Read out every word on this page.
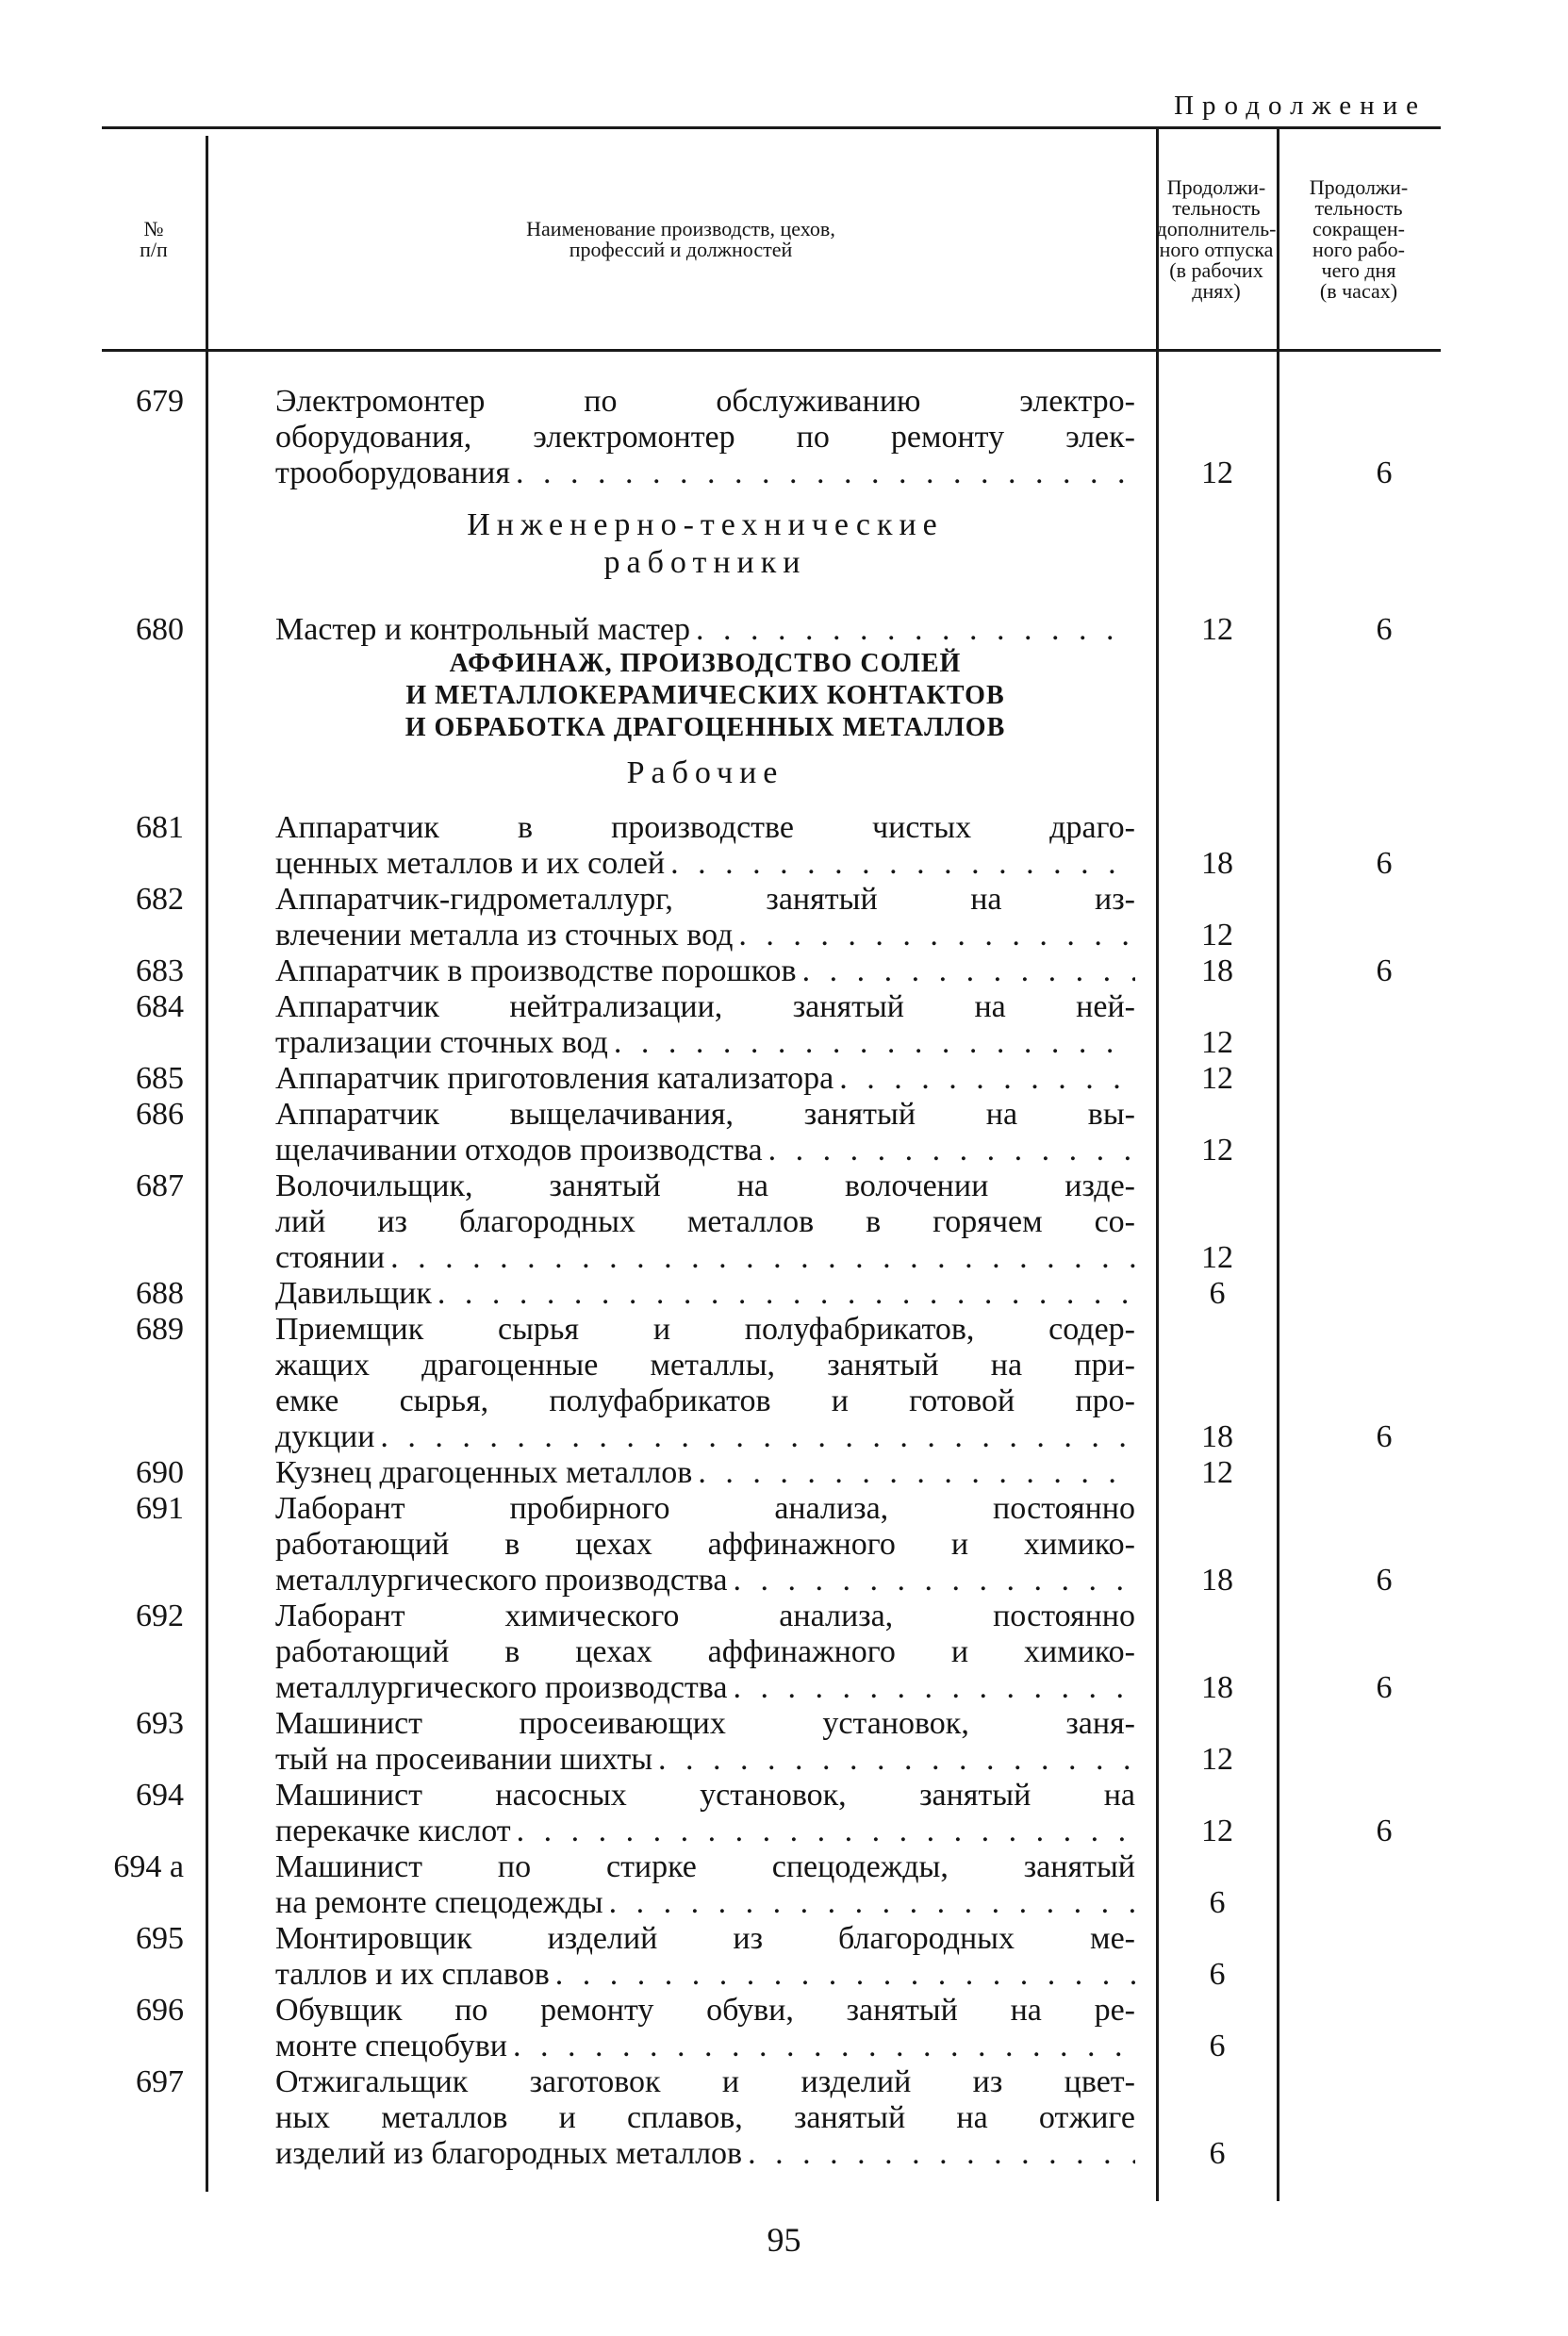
Продолжение
№
п/п
Наименование производств, цехов,
профессий и должностей
Продолжи-
тельность
дополнитель-
ного отпуска
(в рабочих
днях)
Продолжи-
тельность
сокращен-
ного рабо-
чего дня
(в часах)
Инженерно-технические
работники
АФФИНАЖ, ПРОИЗВОДСТВО СОЛЕЙ
И МЕТАЛЛОКЕРАМИЧЕСКИХ КОНТАКТОВ
И ОБРАБОТКА ДРАГОЦЕННЫХ МЕТАЛЛОВ
Рабочие
679	Электромонтер по обслуживанию электро-
оборудования, электромонтер по ремонту элек-
трооборудования . . .	12	6
680	Мастер и контрольный мастер . . .	12	6
681	Аппаратчик в производстве чистых драго-
ценных металлов и их солей . . .	18	6
682	Аппаратчик-гидрометаллург, занятый на из-
влечении металла из сточных вод . . .	12
683	Аппаратчик в производстве порошков . . .	18	6
684	Аппаратчик нейтрализации, занятый на ней-
трализации сточных вод . . .	12
685	Аппаратчик приготовления катализатора . . .	12
686	Аппаратчик выщелачивания, занятый на вы-
щелачивании отходов производства . . .	12
687	Волочильщик, занятый на волочении изде-
лий из благородных металлов в горячем со-
стоянии . . .	12
688	Давильщик . . .	6
689	Приемщик сырья и полуфабрикатов, содер-
жащих драгоценные металлы, занятый на при-
емке сырья, полуфабрикатов и готовой про-
дукции . . .	18	6
690	Кузнец драгоценных металлов . . .	12
691	Лаборант пробирного анализа, постоянно
работающий в цехах аффинажного и химико-
металлургического производства . . .	18	6
692	Лаборант химического анализа, постоянно
работающий в цехах аффинажного и химико-
металлургического производства . . .	18	6
693	Машинист просеивающих установок, заня-
тый на просеивании шихты . . .	12
694	Машинист насосных установок, занятый на
перекачке кислот . . .	12	6
694 а	Машинист по стирке спецодежды, занятый
на ремонте спецодежды . . .	6
695	Монтировщик изделий из благородных ме-
таллов и их сплавов . . .	6
696	Обувщик по ремонту обуви, занятый на ре-
монте спецобуви . . .	6
697	Отжигальщик заготовок и изделий из цвет-
ных металлов и сплавов, занятый на отжиге
изделий из благородных металлов . . .	6
95
